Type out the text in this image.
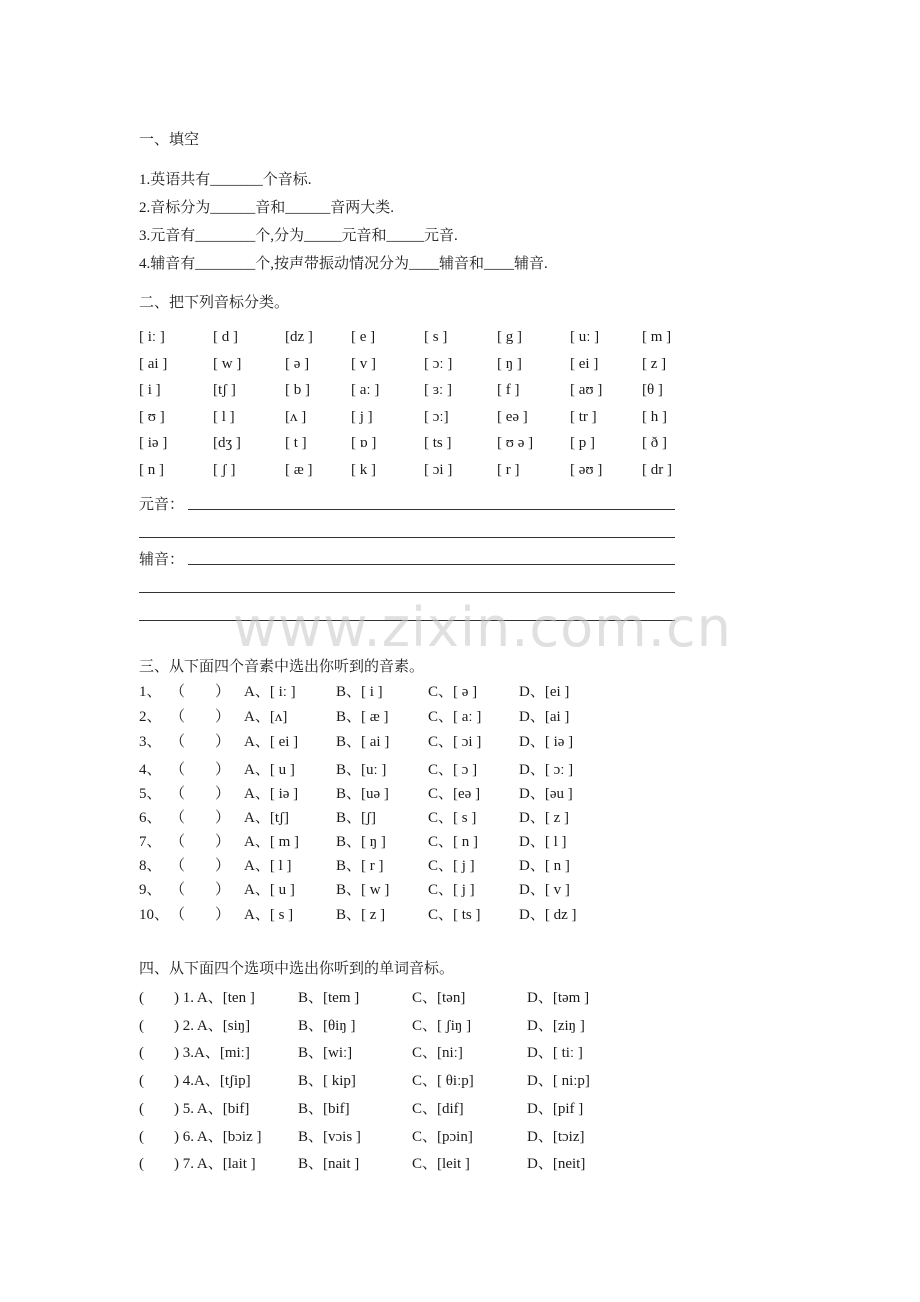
一、填空
1.英语共有_______个音标.
2.音标分为______音和______音两大类.
3.元音有________个,分为_____元音和_____元音.
4.辅音有________个,按声带振动情况分为____辅音和____辅音.
二、把下列音标分类。
[ iː ]	[ d ]	[dz ]	[ e ]	[ s ]	[ g ]	[ uː ]	[ m ]
[ ai ]	[ w ]	[ ə ]	[ v ]	[ ɔː ]	[ ŋ ]	[ ei ]	[ z ]
[ i ]	[tʃ ]	[ b ]	[ aː ]	[ ɜː ]	[ f ]	[ aʊ ]	[θ ]
[ ʊ ]	[ l ]	[ʌ ]	[ j ]	[ ɔː]	[ eə ]	[ tr ]	[ h ]
[ iə ]	[dʒ ]	[ t ]	[ ɒ ]	[ ts ]	[ ʊ ə ]	[ p ]	[ ð ]
[ n ]	[ ʃ ]	[ æ ]	[ k ]	[ ɔi ]	[ r ]	[ əʊ ]	[ dr ]
元音：
辅音：
www.zixin.com.cn
三、从下面四个音素中选出你听到的音素。
1、 （　　） A、[ iː ]	B、[ i ]	C、[ ə ]	D、[ei ]
2、 （　　） A、[ʌ]	B、[ æ ]	C、[ aː ]	D、[ai ]
3、 （　　） A、[ ei ]	B、[ ai ]	C、[ ɔi ]	D、[ iə ]
4、 （　　） A、[ u ]	B、[uː ]	C、[ ɔ ]	D、[ ɔː ]
5、 （　　） A、[ iə ]	B、[uə ]	C、[eə ]	D、[əu ]
6、 （　　） A、[tʃ]	B、[ʃ]	C、[ s ]	D、[ z ]
7、 （　　） A、[ m ] B、[ ŋ ]	C、[ n ]	D、[ l ]
8、 （　　） A、[ l ]	B、[ r ]	C、[ j ]	D、[ n ]
9、 （　　） A、[ u ]	B、[ w ]	C、[ j ]	D、[ v ]
10、 （　　） A、[ s ]	B、[ z ]	C、[ ts ]	D、[ dz ]
四、从下面四个选项中选出你听到的单词音标。
(　　) 1. A、[ten ]	B、[tem ]	C、[tən]	D、[təm ]
(　　) 2. A、[siŋ]	B、[θiŋ ]	C、[ ʃiŋ ]	D、[ziŋ ]
(　　) 3.A、[miː]	B、[wiː]	C、[niː]	D、[ tiː ]
(　　) 4.A、[tʃip]	B、[ kip]	C、[ θiːp]	D、[ niːp]
(　　) 5. A、[bif]	B、[bif]	C、[dif]	D、[pif ]
(　　) 6. A、[bɔiz ] B、[vɔis ]	C、[pɔin]	D、[tɔiz]
(　　) 7. A、[lait ]	B、[nait ]	C、[leit ]	D、[neit]
